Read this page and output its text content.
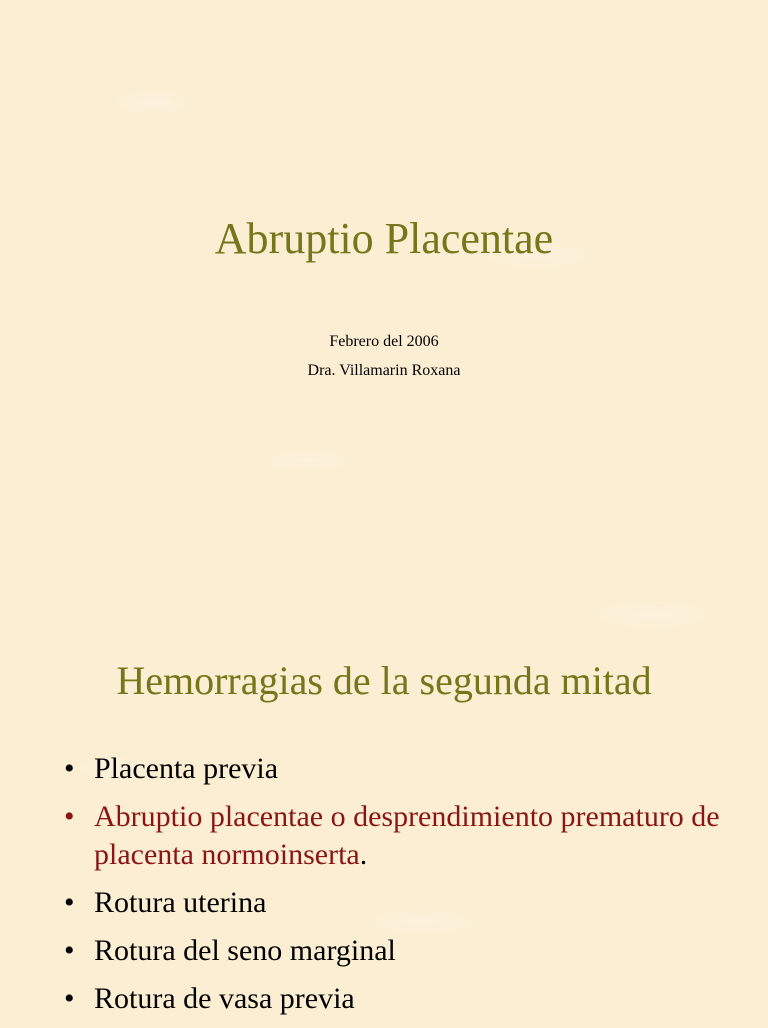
Abruptio Placentae
Febrero del 2006
Dra. Villamarin Roxana
Hemorragias de la segunda mitad
• Placenta previa
• Abruptio placentae o desprendimiento prematuro de placenta normoinserta.
• Rotura uterina
• Rotura del seno marginal
• Rotura de vasa previa
